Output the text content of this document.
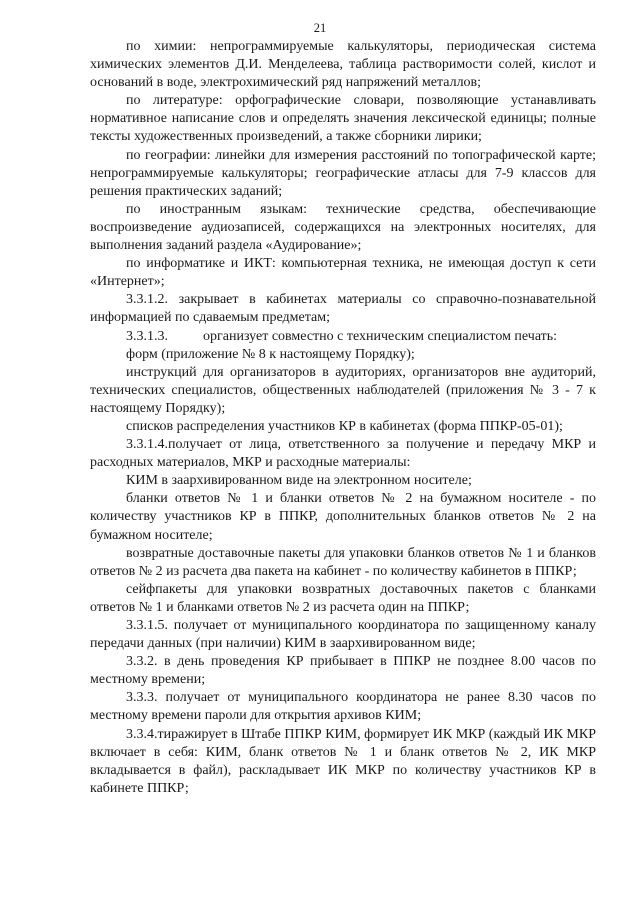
21

по химии: непрограммируемые калькуляторы, периодическая система химических элементов Д.И. Менделеева, таблица растворимости солей, кислот и оснований в воде, электрохимический ряд напряжений металлов;

по литературе: орфографические словари, позволяющие устанавливать нормативное написание слов и определять значения лексической единицы; полные тексты художественных произведений, а также сборники лирики;

по географии: линейки для измерения расстояний по топографической карте; непрограммируемые калькуляторы; географические атласы для 7-9 классов для решения практических заданий;

по иностранным языкам: технические средства, обеспечивающие воспроизведение аудиозаписей, содержащихся на электронных носителях, для выполнения заданий раздела «Аудирование»;

по информатике и ИКТ: компьютерная техника, не имеющая доступ к сети «Интернет»;

3.3.1.2. закрывает в кабинетах материалы со справочно-познавательной информацией по сдаваемым предметам;

3.3.1.3.          организует совместно с техническим специалистом печать:

форм (приложение № 8 к настоящему Порядку);

инструкций для организаторов в аудиториях, организаторов вне аудиторий, технических специалистов, общественных наблюдателей (приложения № 3 - 7 к настоящему Порядку);

списков распределения участников КР в кабинетах (форма ППКР-05-01);

3.3.1.4.получает от лица, ответственного за получение и передачу МКР и расходных материалов, МКР и расходные материалы:

КИМ в заархивированном виде на электронном носителе;

бланки ответов № 1 и бланки ответов № 2 на бумажном носителе - по количеству участников КР в ППКР, дополнительных бланков ответов № 2 на бумажном носителе;

возвратные доставочные пакеты для упаковки бланков ответов № 1 и бланков ответов № 2 из расчета два пакета на кабинет - по количеству кабинетов в ППКР;

сейфпакеты для упаковки возвратных доставочных пакетов с бланками ответов № 1 и бланками ответов № 2 из расчета один на ППКР;

3.3.1.5. получает от муниципального координатора по защищенному каналу передачи данных (при наличии) КИМ в заархивированном виде;

3.3.2. в день проведения КР прибывает в ППКР не позднее 8.00 часов по местному времени;

3.3.3. получает от муниципального координатора не ранее 8.30 часов по местному времени пароли для открытия архивов КИМ;

3.3.4.тиражирует в Штабе ППКР КИМ, формирует ИК МКР (каждый ИК МКР включает в себя: КИМ, бланк ответов № 1 и бланк ответов № 2, ИК МКР вкладывается в файл), раскладывает ИК МКР по количеству участников КР в кабинете ППКР;
